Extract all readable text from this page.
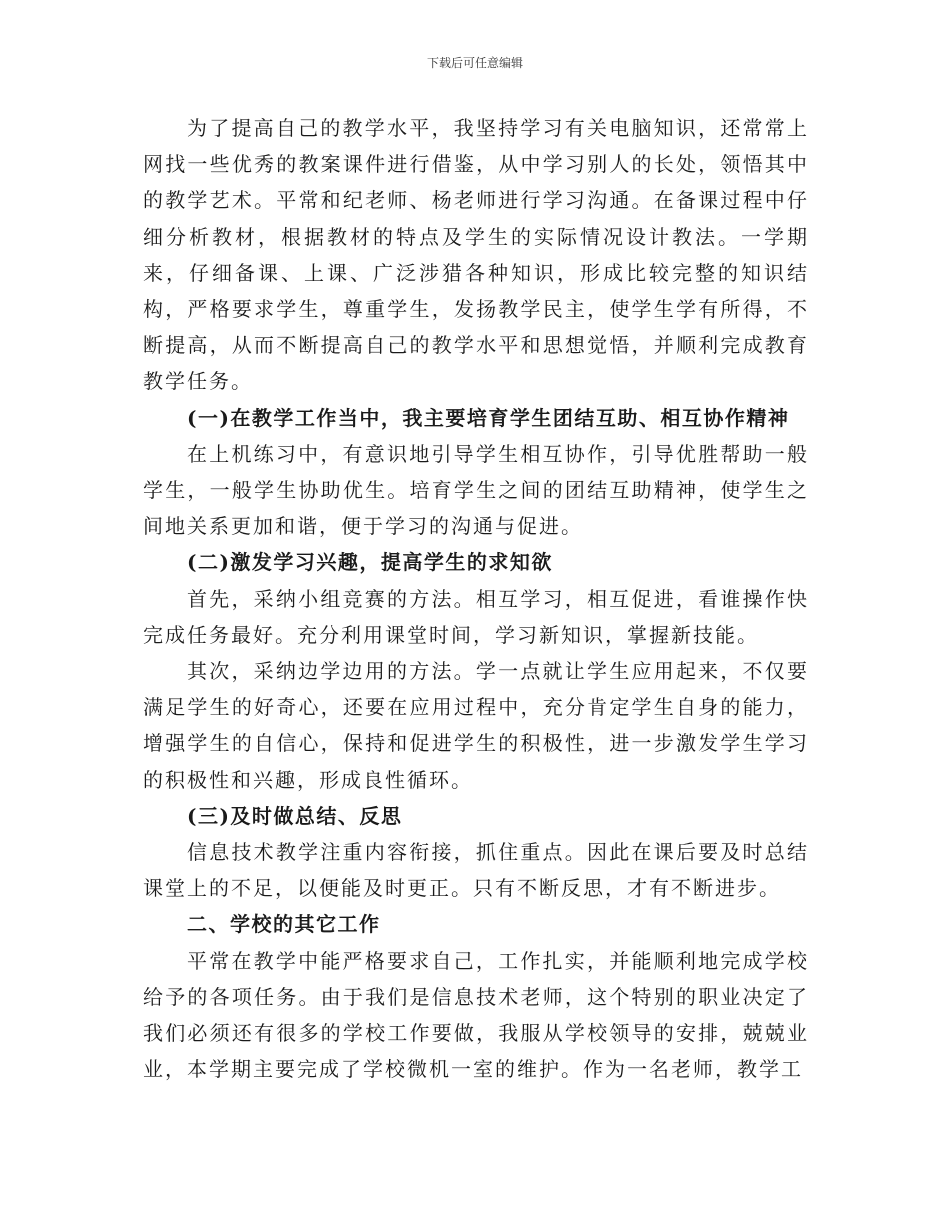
下载后可任意编辑

为了提高自己的教学水平，我坚持学习有关电脑知识，还常常上网找一些优秀的教案课件进行借鉴，从中学习别人的长处，领悟其中的教学艺术。平常和纪老师、杨老师进行学习沟通。在备课过程中仔细分析教材，根据教材的特点及学生的实际情况设计教法。一学期来，仔细备课、上课、广泛涉猎各种知识，形成比较完整的知识结构，严格要求学生，尊重学生，发扬教学民主，使学生学有所得，不断提高，从而不断提高自己的教学水平和思想觉悟，并顺利完成教育教学任务。

(一)在教学工作当中，我主要培育学生团结互助、相互协作精神

在上机练习中，有意识地引导学生相互协作，引导优胜帮助一般学生，一般学生协助优生。培育学生之间的团结互助精神，使学生之间地关系更加和谐，便于学习的沟通与促进。

(二)激发学习兴趣，提高学生的求知欲

首先，采纳小组竞赛的方法。相互学习，相互促进，看谁操作快完成任务最好。充分利用课堂时间，学习新知识，掌握新技能。

其次，采纳边学边用的方法。学一点就让学生应用起来，不仅要满足学生的好奇心，还要在应用过程中，充分肯定学生自身的能力，增强学生的自信心，保持和促进学生的积极性，进一步激发学生学习的积极性和兴趣，形成良性循环。

(三)及时做总结、反思

信息技术教学注重内容衔接，抓住重点。因此在课后要及时总结课堂上的不足，以便能及时更正。只有不断反思，才有不断进步。

二、学校的其它工作

平常在教学中能严格要求自己，工作扎实，并能顺利地完成学校给予的各项任务。由于我们是信息技术老师，这个特别的职业决定了我们必须还有很多的学校工作要做，我服从学校领导的安排，兢兢业业，本学期主要完成了学校微机一室的维护。作为一名老师，教学工
